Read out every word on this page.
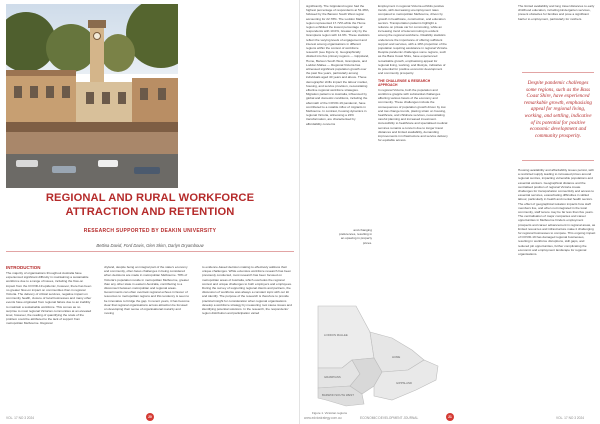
REGIONAL AND RURAL WORKFORCE
ATTRACTION AND RETENTION
RESEARCH SUPPORTED BY DEAKIN UNIVERSITY
Bettina David, Ford Davis, Glen Skirn, Darlyn Dryambouw
INTRODUCTION

The majority of organisations throughout Australia have experienced significant difficulty in maintaining a sustainable workforce due to a range of issues, including the flow-on impact from the COVID-19 epidemic, however, there has been no greater flow-on impact on communities than in regional Victoria. The delivery of critical services, negative impact on community health, closure of local businesses and many other events have originated from regional failure due to an inability to maintain a sustainable workforce. This comes as no surprise to most regional Victorian communities at an elevated level, however, the reading of quantifying the scale of the problem could be attributed to the lack of support from metropolitan Melbourne. Regional

dryland, despite being an integral part of the state's economy and community, often faces challenges in being considered when decisions are made in metropolitan Melbourne. 78% of Victoria's population reside in metropolitan Melbourne, greater than any other state in eastern Australia, contributing to a disconnect between metropolitan and regional areas. Governments can often overlook regional echoes in favour of resources to metropolitan regions and this tendency is seen to be innovative to bridge the gap. In recent years, it has become clear that regional organisations across attraction be focused on developing their sense of organisational maturity and moving

to evidence-based decision making to effectively address their unique challenges. While extensive workforce research has been previously conducted, most research has been focused on metropolitan areas of Australia, which overlooks the regional context and unique challenges to both employers and employees. During the survey of supporting regional clients and partners, the discussion of workforce was always a constant topic with our kit and identify. The purpose of the research is therefore to provide practical insight for consideration when regional organisations develop a workforce strategy by measuring root cause issues and identifying potential solutions. In the research, the respondents' region distribution and participation varied

VOL. 17 NO 3 2024	20

significantly. The Gippsland region had the highest percentage of respondents at 51.46%, followed by the Barwon South West region accounting for 22.78%. The Loddon Mallee region represented 17.72% while the Hume region exhibited the lowest percentage of respondents with 10.0%, Greater only by the Grampians region with 12.9%. These statistics reflect the varying levels of engagement and interest among organisations in different regions within the context of workforce research (see Figure 1). Geographically divided into five primary regions — Gippsland, Hume, Barwon South West, Grampians, and Loddon Mallee — Regional Victoria has witnessed significant population growth over the past five years, particularly among individuals aged 40 years and above. These demographic shifts impact the labour market, housing, and service provision, necessitating effective regional workforce strategies. Migration patterns to Australia, influenced by global and domestic conditions, including the aftermath of the COVID-19 pandemic, have contributed to a notable influx of migrants in Melbourne. In contrast, housing dynamics in regional Victoria, witnessing a 22% transformation, are characterised by affordability concerns

and changing preferences, resulting in an upswing in property prices.

Employment in regional Victoria exhibits positive trends, with decreasing unemployment rates compared to metropolitan Melbourne, driven by growth in healthcare, construction, and education sectors. Transportation patterns highlight a reliance on private car for commuting, while an increasing trend of telecommuting is evident among the regional workforce. Disability statistics underscore the importance of offering sufficient support and services, with a 10% proportion of the population requiring assistance in regional Victoria. Despite pandemic challenges some regions, such as the Bass Coast Shire, have experienced remarkable growth, emphasising appeal for regional living, working, and lifestyle, indicative of its potential for positive economic development and community prosperity.

THE CHALLENGE & RESEARCH APPROACH

In regional Victoria, both the population and workforce grapple with substantial challenges affecting various facets of the economy and community. These challenges include the consequences of population growth driven by low and low change trends, placing strain on housing, healthcare, and childcare services, necessitating careful planning and increased investment. Accessibility to healthcare and specialised medical services remains a concern due to longer travel distances and limited availability, demanding improvements in infrastructure and service delivery for equitable access.

The limited availability and long travel distances to early childhood education, including kindergarten services, present obstacles for families and pose a significant barrier to employment, particularly for mothers.

Despite pandemic challenges some regions, such as the Bass Coast Shire, have experienced remarkable growth, emphasising appeal for regional living, working, and settling, indicative of its potential for positive economic development and community prosperity.

Housing availability and affordability issues persist, with a restricted supply leading to increased prices around regional centres, impacting vulnerable populations and essential workers. Geographical distance and the centralised position of regional Victoria create challenges for transportation connectivity and access to essential services, exacerbating difficulties in skilled labour, particularly in health and mental health sectors. The effect of geographical isolation impacts how staff members live, and when not integrated in the local community, staff tenure may be far less than five years. The centralisation of major companies and career opportunities in Melbourne hinders employment prospects and career advancement in regional areas, as limited resources and infrastructure make it challenging for regional businesses to compete. This ongoing impact of COVID-19 has damaged regional businesses, resulting in workforce disruptions, skill gaps, and reduced job opportunities, further complicating the economic and employment landscape for regional organisations.

LODDON MALLEE
GRAMPIANS
HUME
BARWON SOUTH WEST
GIPPSLAND
Figure 1. Victorian regions
www.edvicstrategy.com.au	ECONOMIC DEVELOPMENT JOURNAL	21	VOL. 17 NO 3 2024
